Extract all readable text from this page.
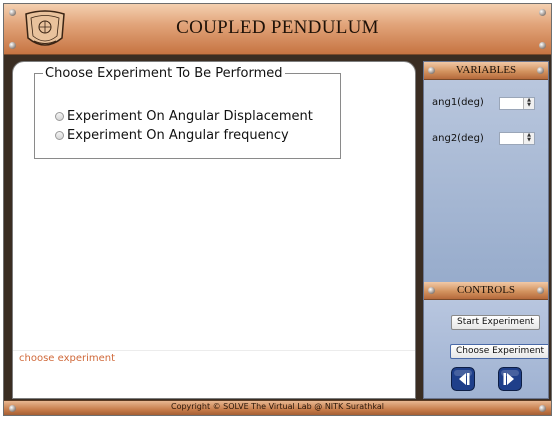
COUPLED PENDULUM
Choose Experiment To Be Performed
Experiment On Angular Displacement
Experiment On Angular frequency
choose experiment
VARIABLES
ang1(deg)	▲
▼
ang2(deg)	▲
▼
CONTROLS
Start Experiment
Choose Experiment
Copyright © SOLVE The Virtual Lab @ NITK Surathkal
